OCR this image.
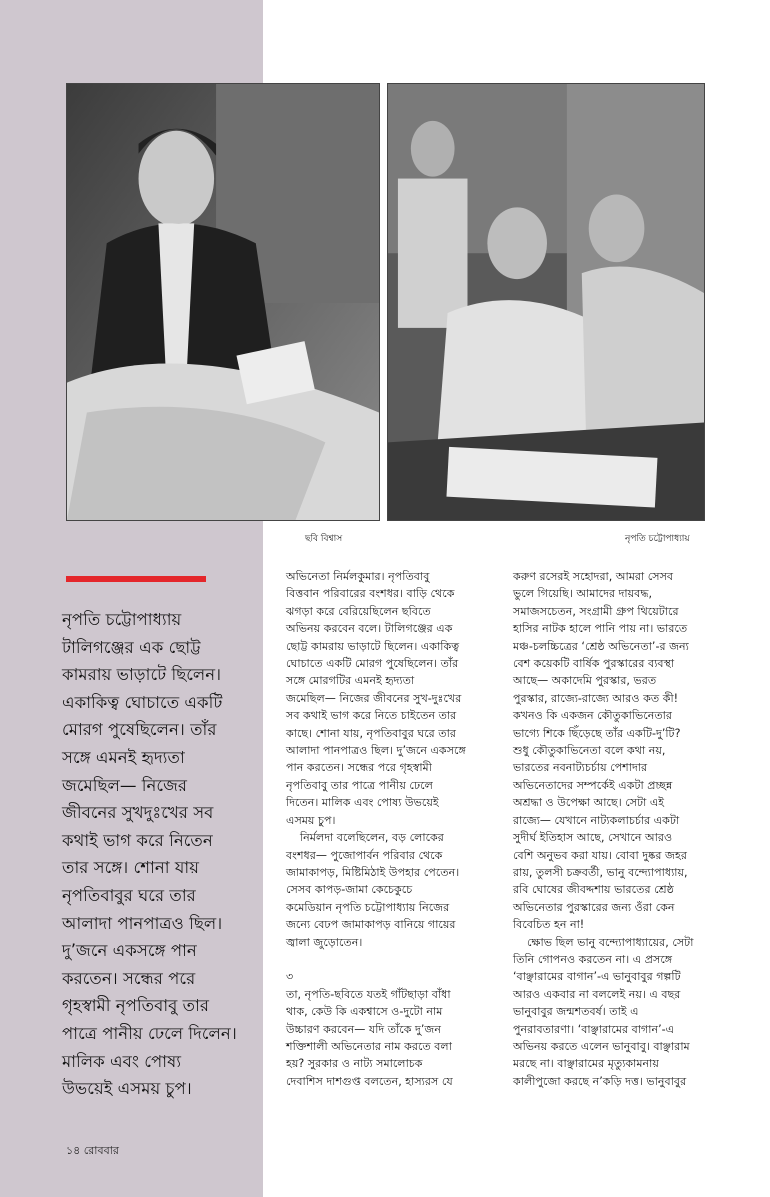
ছবি বিশ্বাস	নৃপতি চট্টোপাধ্যায়
নৃপতি চট্টোপাধ্যায়
টালিগঞ্জের এক ছোট্ট
কামরায় ভাড়াটে ছিলেন।
একাকিত্ব ঘোচাতে একটি
মোরগ পুষেছিলেন। তাঁর
সঙ্গে এমনই হৃদ্যতা
জমেছিল— নিজের
জীবনের সুখদুঃখের সব
কথাই ভাগ করে নিতেন
তার সঙ্গে। শোনা যায়
নৃপতিবাবুর ঘরে তার
আলাদা পানপাত্রও ছিল।
দু’জনে একসঙ্গে পান
করতেন। সন্ধের পরে
গৃহস্বামী নৃপতিবাবু তার
পাত্রে পানীয় ঢেলে দিলেন।
মালিক এবং পোষ্য
উভয়েই এসময় চুপ।
অভিনেতা নির্মলকুমার। নৃপতিবাবু
বিত্তবান পরিবারের বংশধর। বাড়ি থেকে
ঝগড়া করে বেরিয়েছিলেন ছবিতে
অভিনয় করবেন বলে। টালিগঞ্জের এক
ছোট্ট কামরায় ভাড়াটে ছিলেন। একাকিত্ব
ঘোচাতে একটি মোরগ পুষেছিলেন। তাঁর
সঙ্গে মোরগটির এমনই হৃদ্যতা
জমেছিল— নিজের জীবনের সুখ-দুঃখের
সব কথাই ভাগ করে নিতে চাইতেন তার
কাছে। শোনা যায়, নৃপতিবাবুর ঘরে তার
আলাদা পানপাত্রও ছিল। দু’জনে একসঙ্গে
পান করতেন। সন্ধের পরে গৃহস্বামী
নৃপতিবাবু তার পাত্রে পানীয় ঢেলে
দিতেন। মালিক এবং পোষ্য উভয়েই
এসময় চুপ।
নির্মলদা বলেছিলেন, বড় লোকের
বংশধর— পুজোপার্বন পরিবার থেকে
জামাকাপড়, মিষ্টিমিঠাই উপহার পেতেন।
সেসব কাপড়-জামা কেচেকুচে
কমেডিয়ান নৃপতি চট্টোপাধ্যায় নিজের
জন্যে বেঢপ জামাকাপড় বানিয়ে গায়ের
জ্বালা জুড়োতেন।
৩
তা, নৃপতি-ছবিতে যতই গাঁটছাড়া বাঁধা
থাক, কেউ কি একশ্বাসে ও-দুটো নাম
উচ্চারণ করবেন— যদি তাঁকে দু’জন
শক্তিশালী অভিনেতার নাম করতে বলা
হয়? সুরকার ও নাট্য সমালোচক
দেবাশিস দাশগুপ্ত বলতেন, হাস্যরস যে
করুণ রসেরই সহোদরা, আমরা সেসব
ভুলে গিয়েছি। আমাদের দায়বদ্ধ,
সমাজসচেতন, সংগ্রামী গ্রুপ থিয়েটারে
হাসির নাটক হালে পানি পায় না। ভারতে
মঞ্চ-চলচ্চিত্রের ‘শ্রেষ্ঠ অভিনেতা’-র জন্য
বেশ কয়েকটি বার্ষিক পুরস্কারের ব্যবস্থা
আছে— অকাদেমি পুরস্কার, ভরত
পুরস্কার, রাজ্যে-রাজ্যে আরও কত কী!
কখনও কি একজন কৌতুকাভিনেতার
ভাগ্যে শিকে ছিঁড়েছে তাঁর একটি-দু’টি?
শুধু কৌতুকাভিনেতা বলে কথা নয়,
ভারতের নবনাট্যচর্চায় পেশাদার
অভিনেতাদের সম্পর্কেই একটা প্রচ্ছন্ন
অশ্রদ্ধা ও উপেক্ষা আছে। সেটা এই
রাজ্যে— যেখানে নাট্যকলাচর্চার একটা
সুদীর্ঘ ইতিহাস আছে, সেখানে আরও
বেশি অনুভব করা যায়। বোবা দুষ্কর জহর
রায়, তুলসী চক্রবর্তী, ভানু বন্দ্যোপাধ্যায়,
রবি ঘোষের জীবদ্দশায় ভারতের শ্রেষ্ঠ
অভিনেতার পুরস্কারের জন্য ওঁরা কেন
বিবেচিত হন না!
ক্ষোভ ছিল ভানু বন্দ্যোপাধ্যায়ের, সেটা
তিনি গোপনও করতেন না। এ প্রসঙ্গে
‘বাঞ্ছারামের বাগান’-এ ভানুবাবুর গল্পটি
আরও একবার না বললেই নয়। এ বছর
ভানুবাবুর জন্মশতবর্ষ। তাই এ
পুনরাবতারণা। ‘বাঞ্ছারামের বাগান’-এ
অভিনয় করতে এলেন ভানুবাবু। বাঞ্ছারাম
মরছে না। বাঞ্ছারামের মৃত্যুকামনায়
কালীপুজো করছে ন’কড়ি দত্ত। ভানুবাবুর
১৪ রোববার
